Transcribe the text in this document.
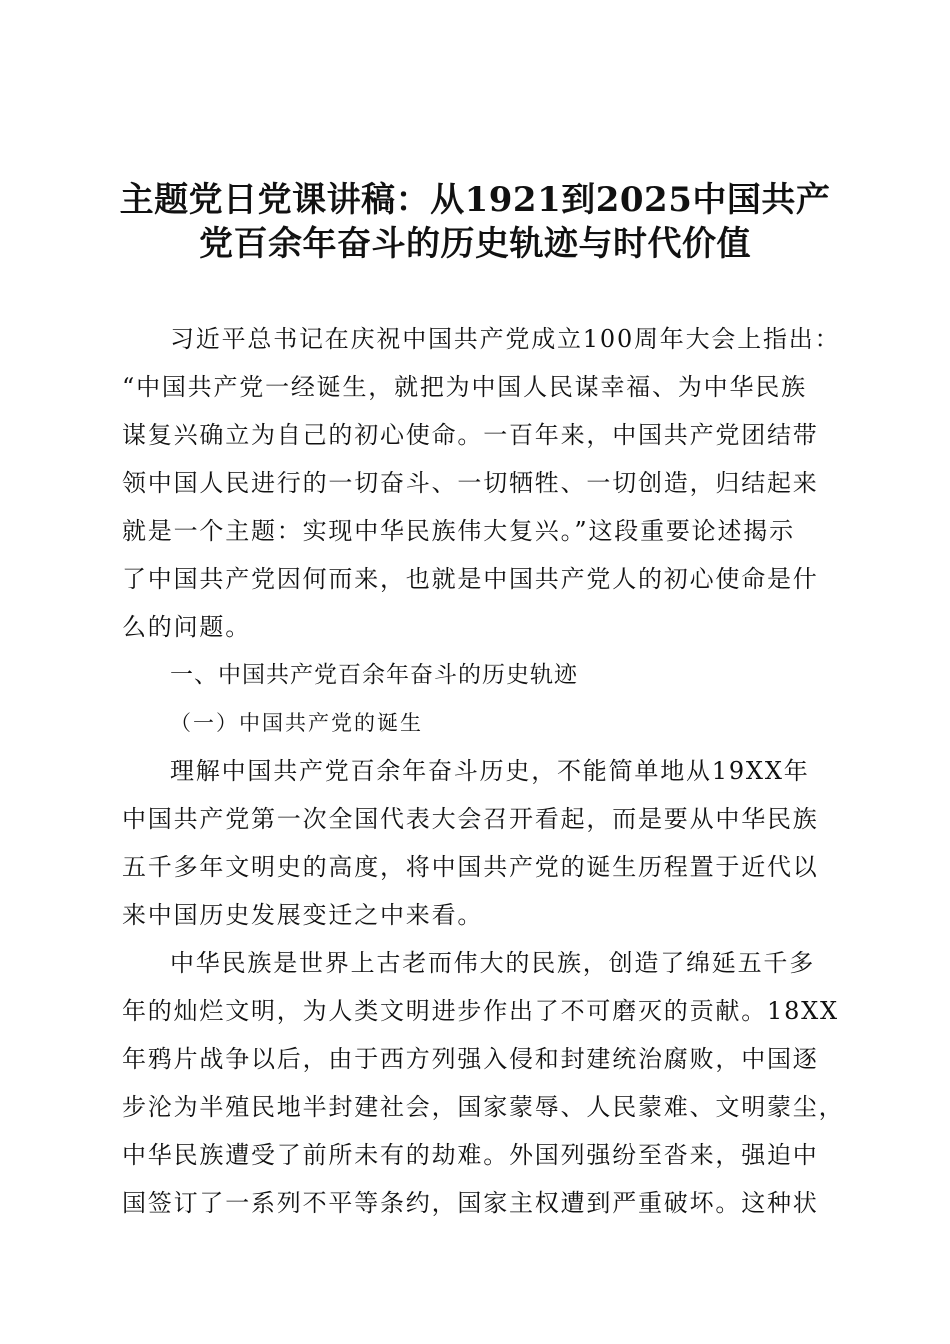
主题党日党课讲稿：从1921到2025中国共产
党百余年奋斗的历史轨迹与时代价值
习近平总书记在庆祝中国共产党成立100周年大会上指出：
“中国共产党一经诞生，就把为中国人民谋幸福、为中华民族
谋复兴确立为自己的初心使命。一百年来，中国共产党团结带
领中国人民进行的一切奋斗、一切牺牲、一切创造，归结起来
就是一个主题：实现中华民族伟大复兴。”这段重要论述揭示
了中国共产党因何而来，也就是中国共产党人的初心使命是什
么的问题。
一、中国共产党百余年奋斗的历史轨迹
（一）中国共产党的诞生
理解中国共产党百余年奋斗历史，不能简单地从19XX年
中国共产党第一次全国代表大会召开看起，而是要从中华民族
五千多年文明史的高度，将中国共产党的诞生历程置于近代以
来中国历史发展变迁之中来看。
中华民族是世界上古老而伟大的民族，创造了绵延五千多
年的灿烂文明，为人类文明进步作出了不可磨灭的贡献。18XX
年鸦片战争以后，由于西方列强入侵和封建统治腐败，中国逐
步沦为半殖民地半封建社会，国家蒙辱、人民蒙难、文明蒙尘，
中华民族遭受了前所未有的劫难。外国列强纷至沓来，强迫中
国签订了一系列不平等条约，国家主权遭到严重破坏。这种状
